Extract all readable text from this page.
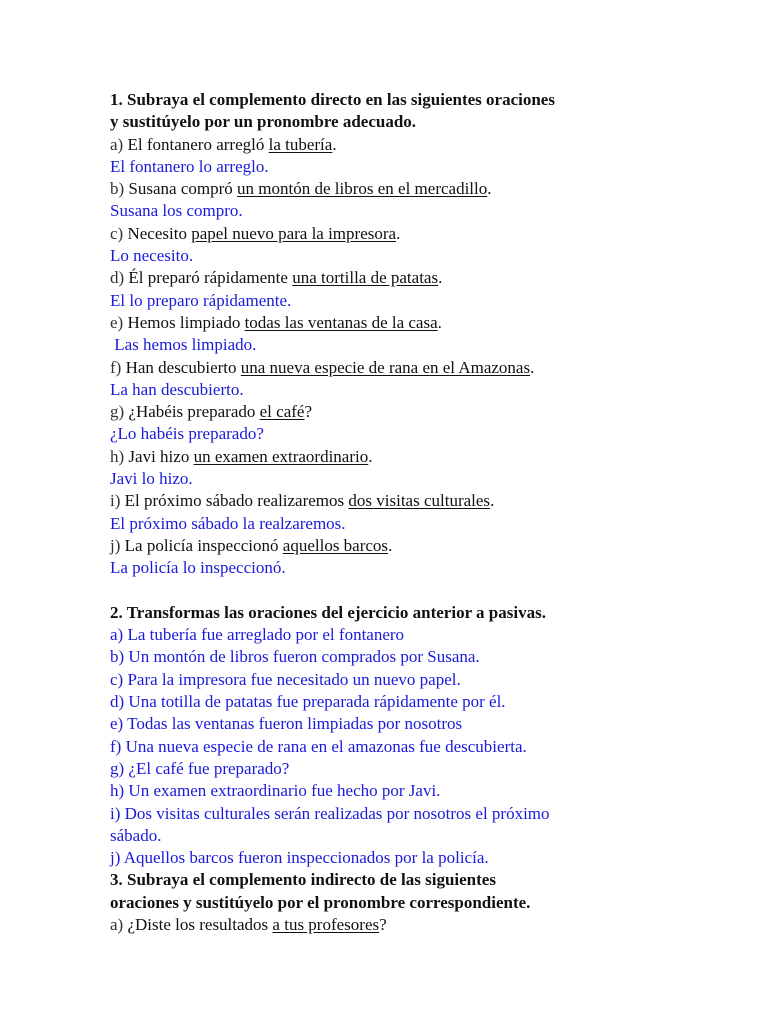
1. Subraya el complemento directo en las siguientes oraciones
y sustitúyelo por un pronombre adecuado.
a) El fontanero arregló la tubería.
El fontanero lo arreglo.
b) Susana compró un montón de libros en el mercadillo.
Susana los compro.
c) Necesito papel nuevo para la impresora.
Lo necesito.
d) Él preparó rápidamente una tortilla de patatas.
El lo preparo rápidamente.
e) Hemos limpiado todas las ventanas de la casa.
Las hemos limpiado.
f) Han descubierto una nueva especie de rana en el Amazonas.
La han descubierto.
g) ¿Habéis preparado el café?
¿Lo habéis preparado?
h) Javi hizo un examen extraordinario.
Javi lo hizo.
i) El próximo sábado realizaremos dos visitas culturales.
El próximo sábado la realzaremos.
j) La policía inspeccionó aquellos barcos.
La policía lo inspeccionó.
2. Transformas las oraciones del ejercicio anterior a pasivas.
a) La tubería fue arreglado por el fontanero
b) Un montón de libros fueron comprados por Susana.
c) Para la impresora fue necesitado un nuevo papel.
d) Una totilla de patatas fue preparada rápidamente por él.
e) Todas las ventanas fueron limpiadas por nosotros
f) Una nueva especie de rana en el amazonas fue descubierta.
g) ¿El café fue preparado?
h) Un examen extraordinario fue hecho por Javi.
i) Dos visitas culturales serán realizadas por nosotros el próximo
sábado.
j) Aquellos barcos fueron inspeccionados por la policía.
3. Subraya el complemento indirecto de las siguientes
oraciones y sustitúyelo por el pronombre correspondiente.
a) ¿Diste los resultados a tus profesores?
